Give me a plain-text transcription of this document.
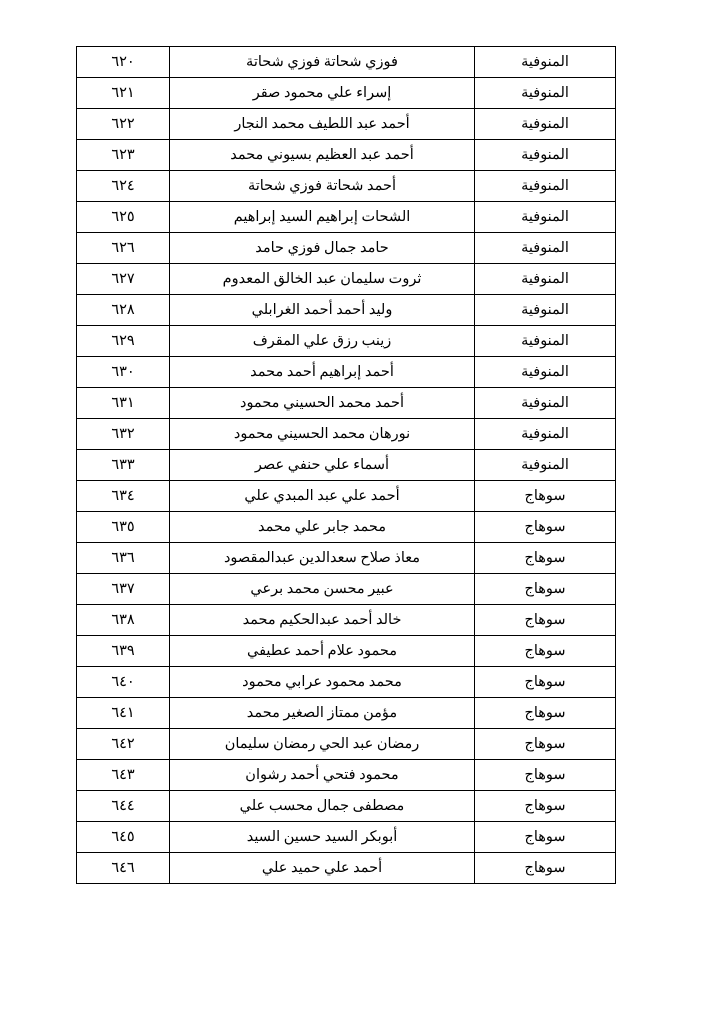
المنوفية	فوزي شحاتة فوزي شحاتة	٦٢٠
المنوفية	إسراء علي محمود صقر	٦٢١
المنوفية	أحمد عبد اللطيف محمد النجار	٦٢٢
المنوفية	أحمد عبد العظيم بسيوني محمد	٦٢٣
المنوفية	أحمد شحاتة فوزي شحاتة	٦٢٤
المنوفية	الشحات إبراهيم السيد إبراهيم	٦٢٥
المنوفية	حامد جمال فوزي حامد	٦٢٦
المنوفية	ثروت سليمان عبد الخالق المعدوم	٦٢٧
المنوفية	وليد أحمد أحمد الغرابلي	٦٢٨
المنوفية	زينب رزق علي المقرف	٦٢٩
المنوفية	أحمد إبراهيم أحمد محمد	٦٣٠
المنوفية	أحمد محمد الحسيني محمود	٦٣١
المنوفية	نورهان محمد الحسيني محمود	٦٣٢
المنوفية	أسماء علي حنفي عصر	٦٣٣
سوهاج	أحمد علي عبد المبدي علي	٦٣٤
سوهاج	محمد جابر علي محمد	٦٣٥
سوهاج	معاذ صلاح سعدالدين عبدالمقصود	٦٣٦
سوهاج	عبير محسن محمد برعي	٦٣٧
سوهاج	خالد أحمد عبدالحكيم محمد	٦٣٨
سوهاج	محمود علام أحمد عطيفي	٦٣٩
سوهاج	محمد محمود عرابي محمود	٦٤٠
سوهاج	مؤمن ممتاز الصغير محمد	٦٤١
سوهاج	رمضان عبد الحي رمضان سليمان	٦٤٢
سوهاج	محمود فتحي أحمد رشوان	٦٤٣
سوهاج	مصطفى جمال محسب علي	٦٤٤
سوهاج	أبوبكر السيد حسين السيد	٦٤٥
سوهاج	أحمد علي حميد علي	٦٤٦
